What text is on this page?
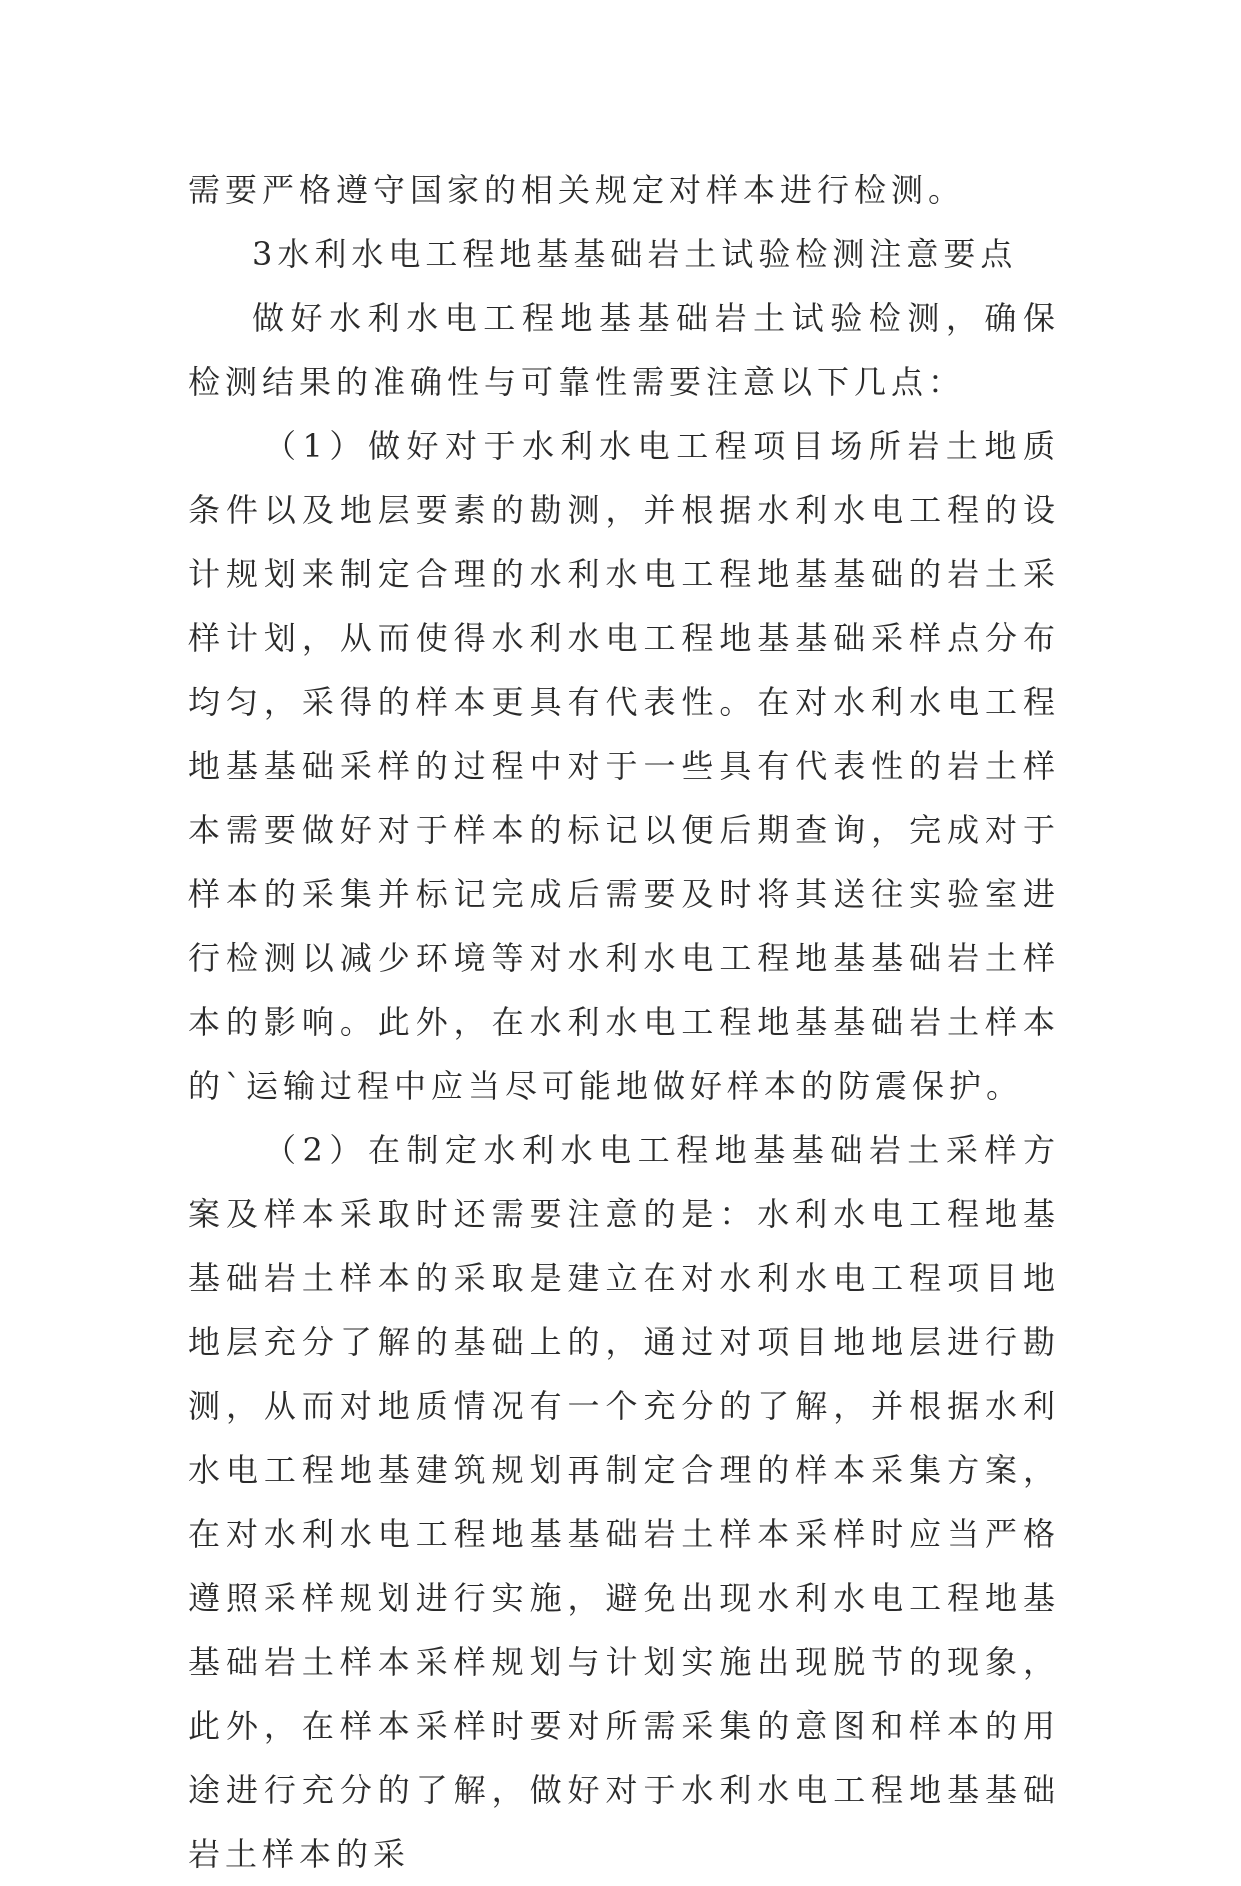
需要严格遵守国家的相关规定对样本进行检测。

3水利水电工程地基基础岩土试验检测注意要点

做好水利水电工程地基基础岩土试验检测，确保检测结果的准确性与可靠性需要注意以下几点：

（1）做好对于水利水电工程项目场所岩土地质条件以及地层要素的勘测，并根据水利水电工程的设计规划来制定合理的水利水电工程地基基础的岩土采样计划，从而使得水利水电工程地基基础采样点分布均匀，采得的样本更具有代表性。在对水利水电工程地基基础采样的过程中对于一些具有代表性的岩土样本需要做好对于样本的标记以便后期查询，完成对于样本的采集并标记完成后需要及时将其送往实验室进行检测以减少环境等对水利水电工程地基基础岩土样本的影响。此外，在水利水电工程地基基础岩土样本的`运输过程中应当尽可能地做好样本的防震保护。

（2）在制定水利水电工程地基基础岩土采样方案及样本采取时还需要注意的是：水利水电工程地基基础岩土样本的采取是建立在对水利水电工程项目地地层充分了解的基础上的，通过对项目地地层进行勘测，从而对地质情况有一个充分的了解，并根据水利水电工程地基建筑规划再制定合理的样本采集方案，在对水利水电工程地基基础岩土样本采样时应当严格遵照采样规划进行实施，避免出现水利水电工程地基基础岩土样本采样规划与计划实施出现脱节的现象，此外，在样本采样时要对所需采集的意图和样本的用途进行充分的了解，做好对于水利水电工程地基基础岩土样本的采
